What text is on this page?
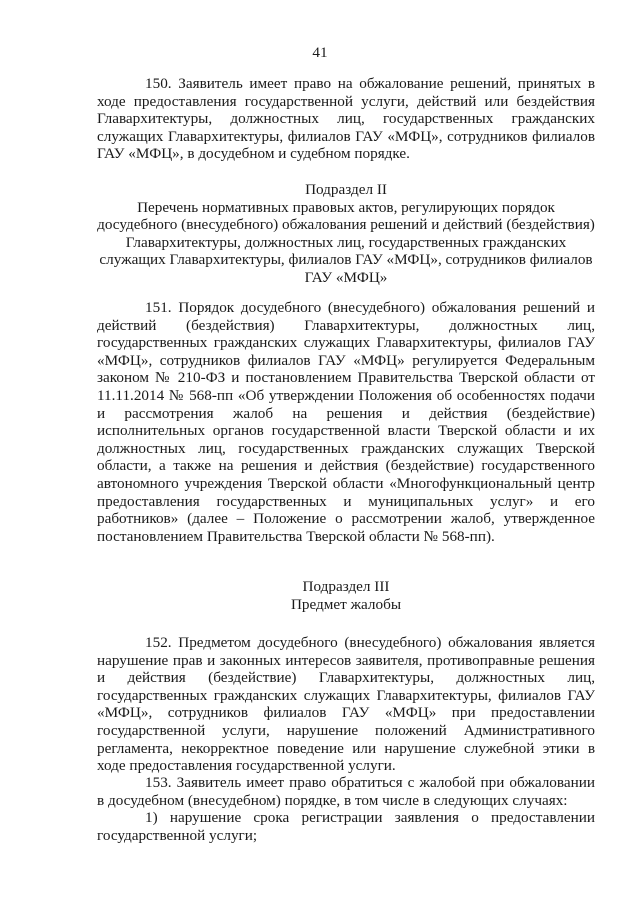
41

150. Заявитель имеет право на обжалование решений, принятых в ходе предоставления государственной услуги, действий или бездействия Главархитектуры, должностных лиц, государственных гражданских служащих Главархитектуры, филиалов ГАУ «МФЦ», сотрудников филиалов ГАУ «МФЦ», в досудебном и судебном порядке.

Подраздел II
Перечень нормативных правовых актов, регулирующих порядок
досудебного (внесудебного) обжалования решений и действий (бездействия)
Главархитектуры, должностных лиц, государственных гражданских
служащих Главархитектуры, филиалов ГАУ «МФЦ», сотрудников филиалов
ГАУ «МФЦ»

151. Порядок досудебного (внесудебного) обжалования решений и действий (бездействия) Главархитектуры, должностных лиц, государственных гражданских служащих Главархитектуры, филиалов ГАУ «МФЦ», сотрудников филиалов ГАУ «МФЦ» регулируется Федеральным законом № 210-ФЗ и постановлением Правительства Тверской области от 11.11.2014 № 568-пп «Об утверждении Положения об особенностях подачи и рассмотрения жалоб на решения и действия (бездействие) исполнительных органов государственной власти Тверской области и их должностных лиц, государственных гражданских служащих Тверской области, а также на решения и действия (бездействие) государственного автономного учреждения Тверской области «Многофункциональный центр предоставления государственных и муниципальных услуг» и его работников» (далее – Положение о рассмотрении жалоб, утвержденное постановлением Правительства Тверской области № 568-пп).

Подраздел III
Предмет жалобы

152. Предметом досудебного (внесудебного) обжалования является нарушение прав и законных интересов заявителя, противоправные решения и действия (бездействие) Главархитектуры, должностных лиц, государственных гражданских служащих Главархитектуры, филиалов ГАУ «МФЦ», сотрудников филиалов ГАУ «МФЦ» при предоставлении государственной услуги, нарушение положений Административного регламента, некорректное поведение или нарушение служебной этики в ходе предоставления государственной услуги.

153. Заявитель имеет право обратиться с жалобой при обжаловании в досудебном (внесудебном) порядке, в том числе в следующих случаях:

1) нарушение срока регистрации заявления о предоставлении государственной услуги;
